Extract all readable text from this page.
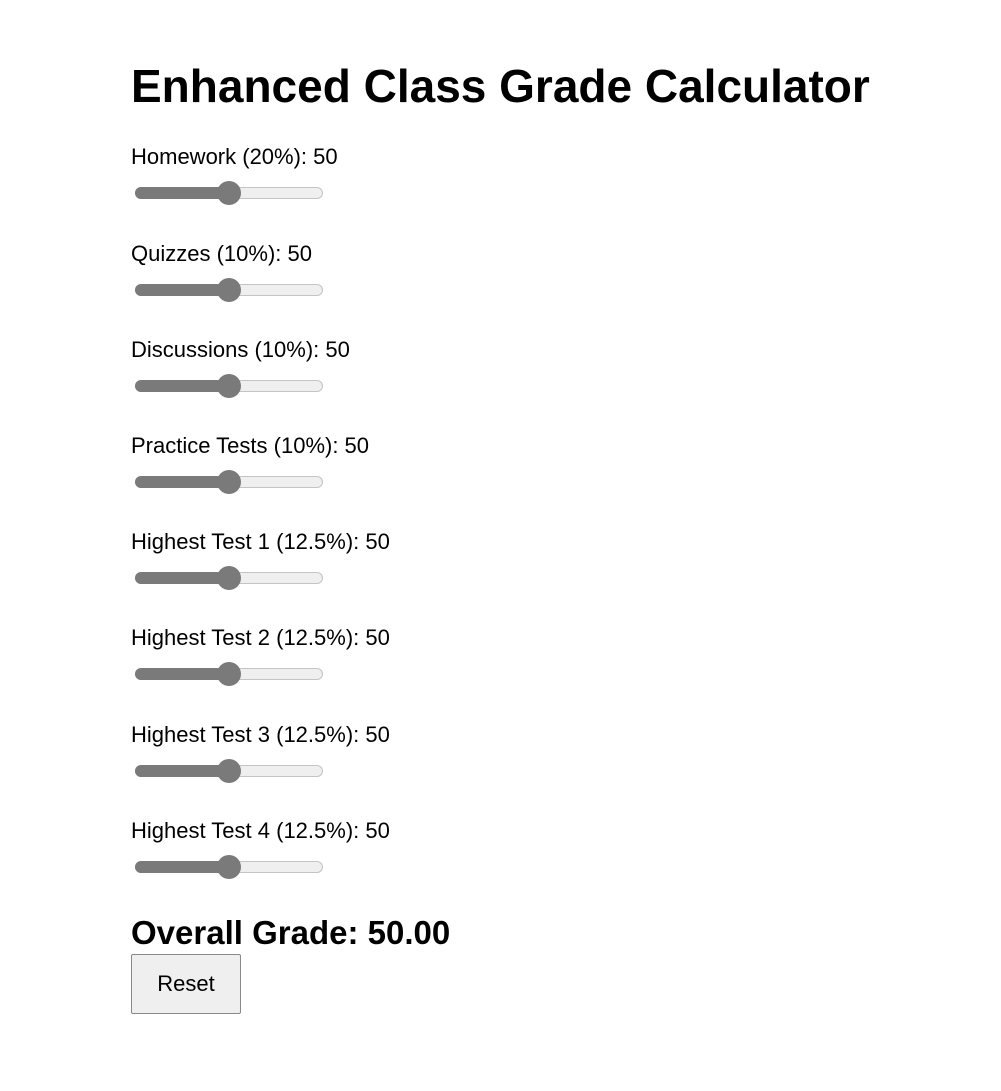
Enhanced Class Grade Calculator
Homework (20%): 50
Quizzes (10%): 50
Discussions (10%): 50
Practice Tests (10%): 50
Highest Test 1 (12.5%): 50
Highest Test 2 (12.5%): 50
Highest Test 3 (12.5%): 50
Highest Test 4 (12.5%): 50
Overall Grade: 50.00
Reset
